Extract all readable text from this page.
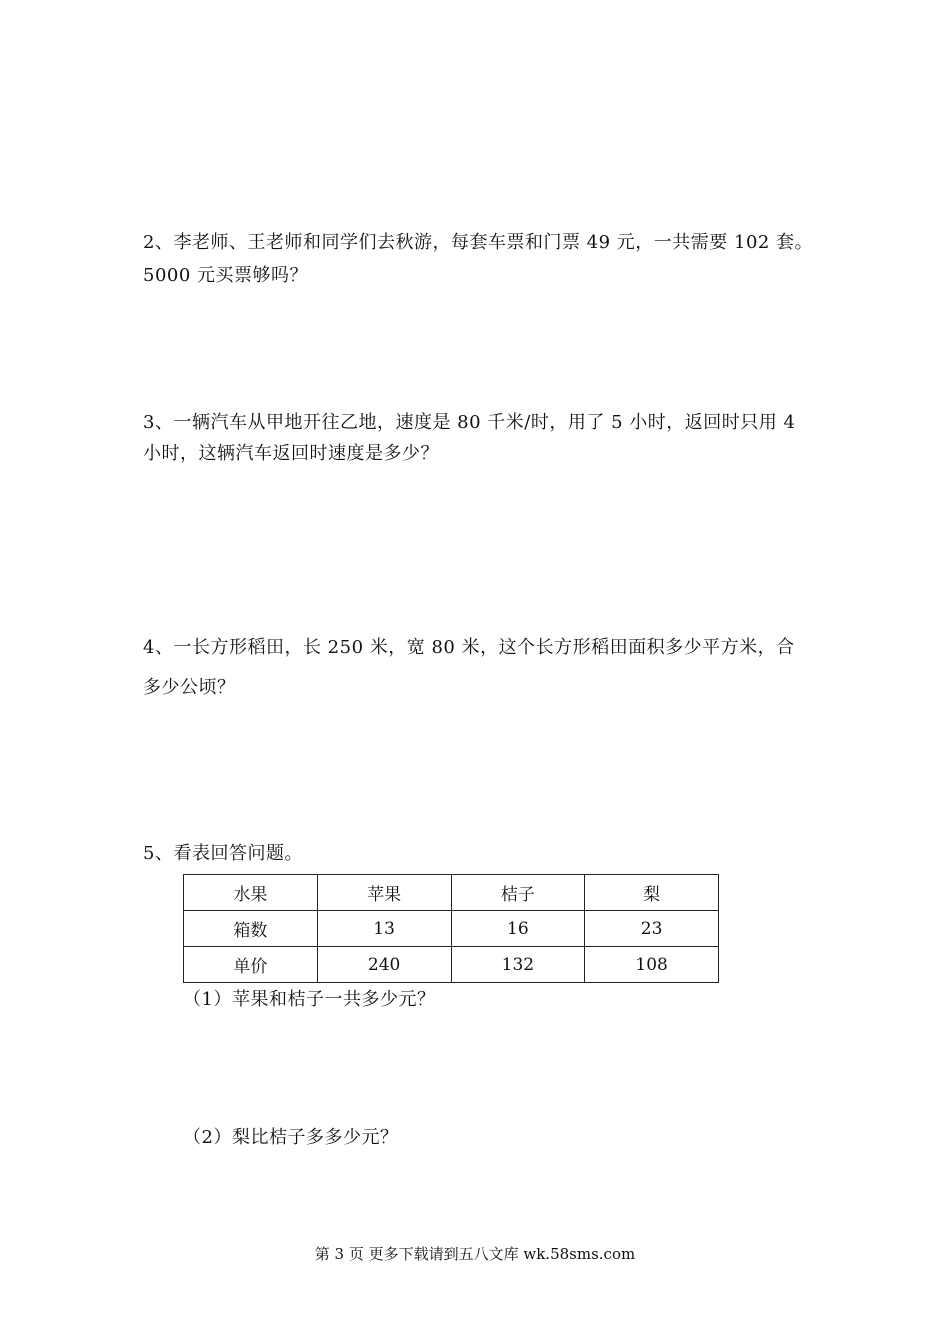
2、李老师、王老师和同学们去秋游，每套车票和门票 49 元，一共需要 102 套。
5000 元买票够吗？

3、一辆汽车从甲地开往乙地，速度是 80 千米/时，用了 5 小时，返回时只用 4
小时，这辆汽车返回时速度是多少？

4、一长方形稻田，长 250 米，宽 80 米，这个长方形稻田面积多少平方米，合
多少公顷？

5、看表回答问题。

水果	苹果	桔子	梨
箱数	13	16	23
单价	240	132	108
（1）苹果和桔子一共多少元？
（2）梨比桔子多多少元？
第 3 页 更多下载请到五八文库 wk.58sms.com
